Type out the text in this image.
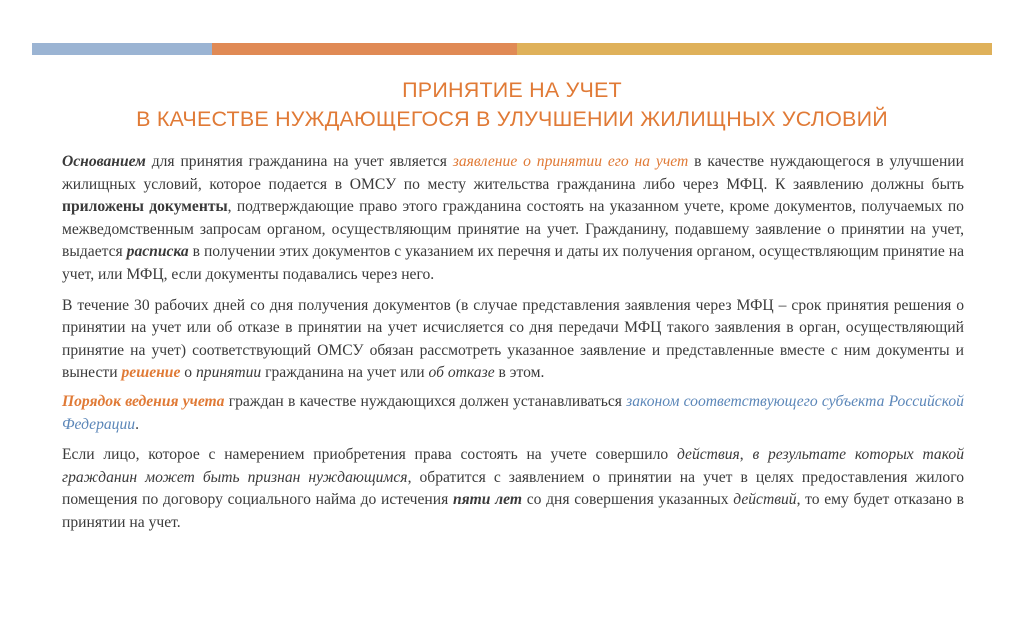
ПРИНЯТИЕ НА УЧЕТ
В КАЧЕСТВЕ НУЖДАЮЩЕГОСЯ В УЛУЧШЕНИИ ЖИЛИЩНЫХ УСЛОВИЙ

Основанием для принятия гражданина на учет является заявление о принятии его на учет в качестве нуждающегося в улучшении жилищных условий, которое подается в ОМСУ по месту жительства гражданина либо через МФЦ. К заявлению должны быть приложены документы, подтверждающие право этого гражданина состоять на указанном учете, кроме документов, получаемых по межведомственным запросам органом, осуществляющим принятие на учет. Гражданину, подавшему заявление о принятии на учет, выдается расписка в получении этих документов с указанием их перечня и даты их получения органом, осуществляющим принятие на учет, или МФЦ, если документы подавались через него.

В течение 30 рабочих дней со дня получения документов (в случае представления заявления через МФЦ – срок принятия решения о принятии на учет или об отказе в принятии на учет исчисляется со дня передачи МФЦ такого заявления в орган, осуществляющий принятие на учет) соответствующий ОМСУ обязан рассмотреть указанное заявление и представленные вместе с ним документы и вынести решение о принятии гражданина на учет или об отказе в этом.

Порядок ведения учета граждан в качестве нуждающихся должен устанавливаться законом соответствующего субъекта Российской Федерации.

Если лицо, которое с намерением приобретения права состоять на учете совершило действия, в результате которых такой гражданин может быть признан нуждающимся, обратится с заявлением о принятии на учет в целях предоставления жилого помещения по договору социального найма до истечения пяти лет со дня совершения указанных действий, то ему будет отказано в принятии на учет.
